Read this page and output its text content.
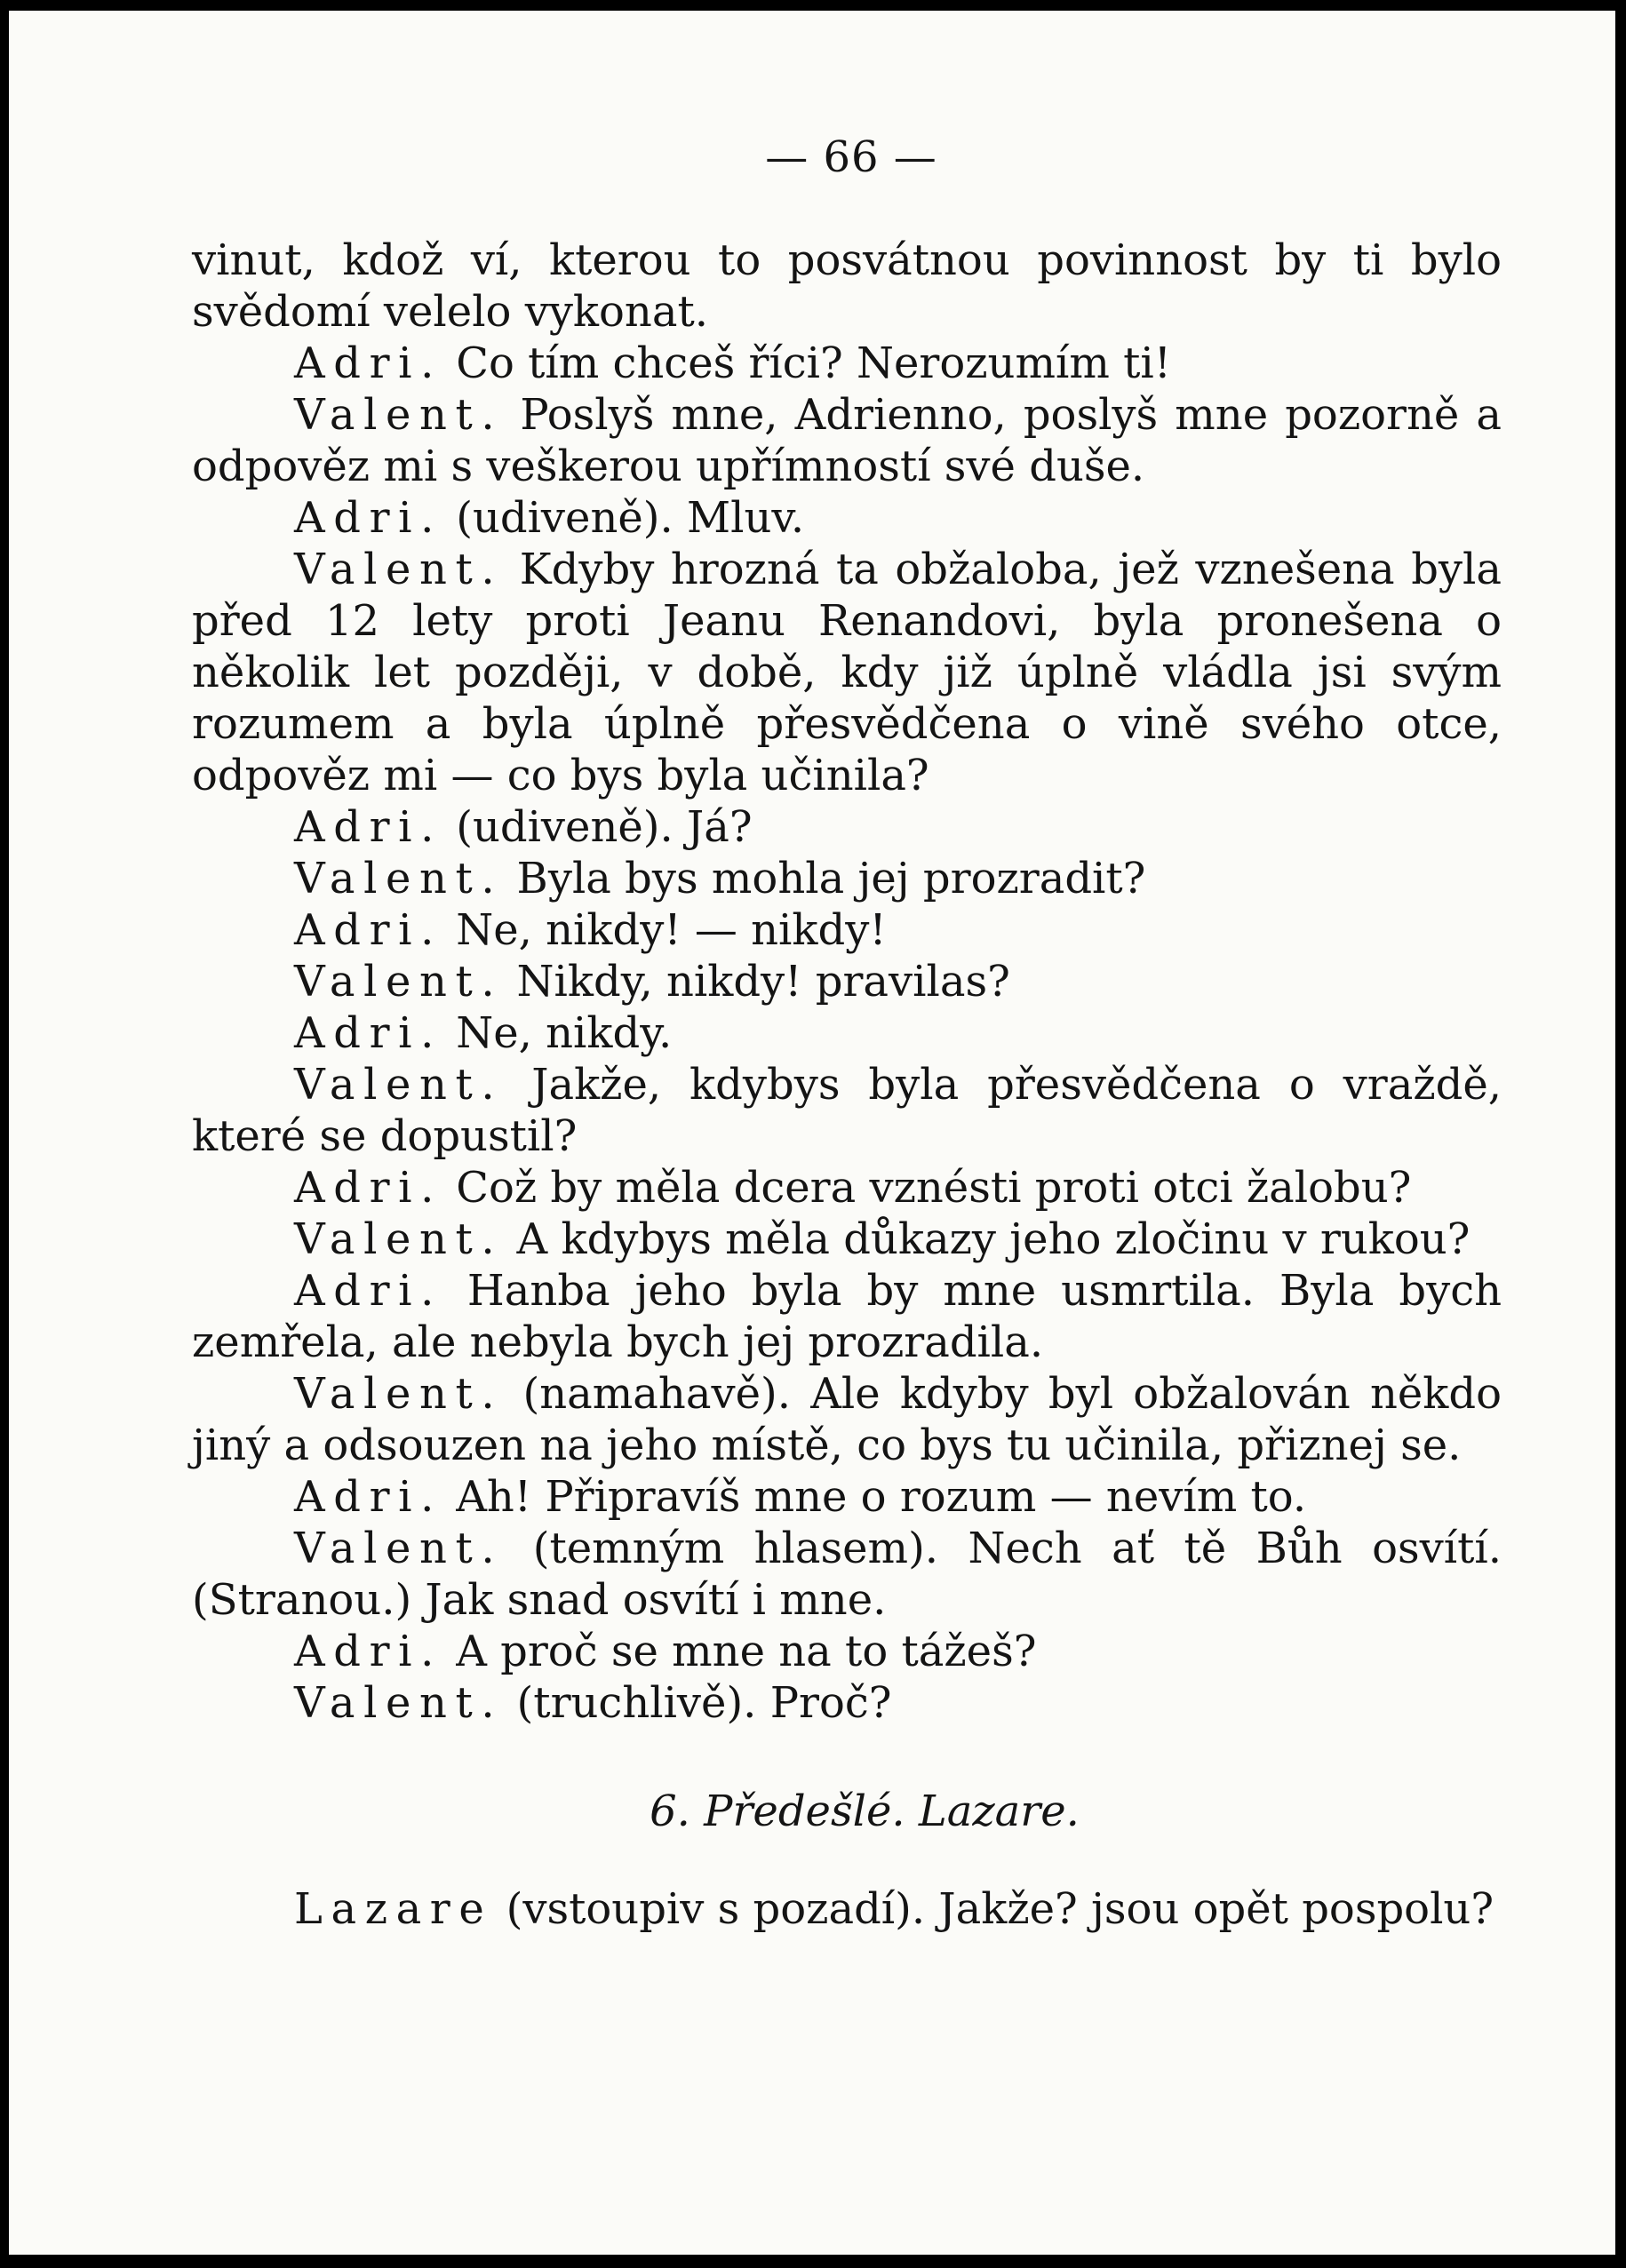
— 66 —

vinut, kdož ví, kterou to posvátnou povinnost by ti bylo svědomí velelo vykonat.

Adri. Co tím chceš říci? Nerozumím ti!

Valent. Poslyš mne, Adrienno, poslyš mne pozorně a odpověz mi s veškerou upřímností své duše.

Adri. (udiveně). Mluv.

Valent. Kdyby hrozná ta obžaloba, jež vznešena byla před 12 lety proti Jeanu Renandovi, byla pronešena o několik let později, v době, kdy již úplně vládla jsi svým rozumem a byla úplně přesvědčena o vině svého otce, odpověz mi — co bys byla učinila?

Adri. (udiveně). Já?

Valent. Byla bys mohla jej prozradit?

Adri. Ne, nikdy! — nikdy!

Valent. Nikdy, nikdy! pravilas?

Adri. Ne, nikdy.

Valent. Jakže, kdybys byla přesvědčena o vraždě, které se dopustil?

Adri. Což by měla dcera vznésti proti otci žalobu?

Valent. A kdybys měla důkazy jeho zločinu v rukou?

Adri. Hanba jeho byla by mne usmrtila. Byla bych zemřela, ale nebyla bych jej prozradila.

Valent. (namahavě). Ale kdyby byl obžalován někdo jiný a odsouzen na jeho místě, co bys tu učinila, přiznej se.

Adri. Ah! Připravíš mne o rozum — nevím to.

Valent. (temným hlasem). Nech ať tě Bůh osvítí. (Stranou.) Jak snad osvítí i mne.

Adri. A proč se mne na to tážeš?

Valent. (truchlivě). Proč?

6. Předešlé. Lazare.

Lazare (vstoupiv s pozadí). Jakže? jsou opět pospolu?
